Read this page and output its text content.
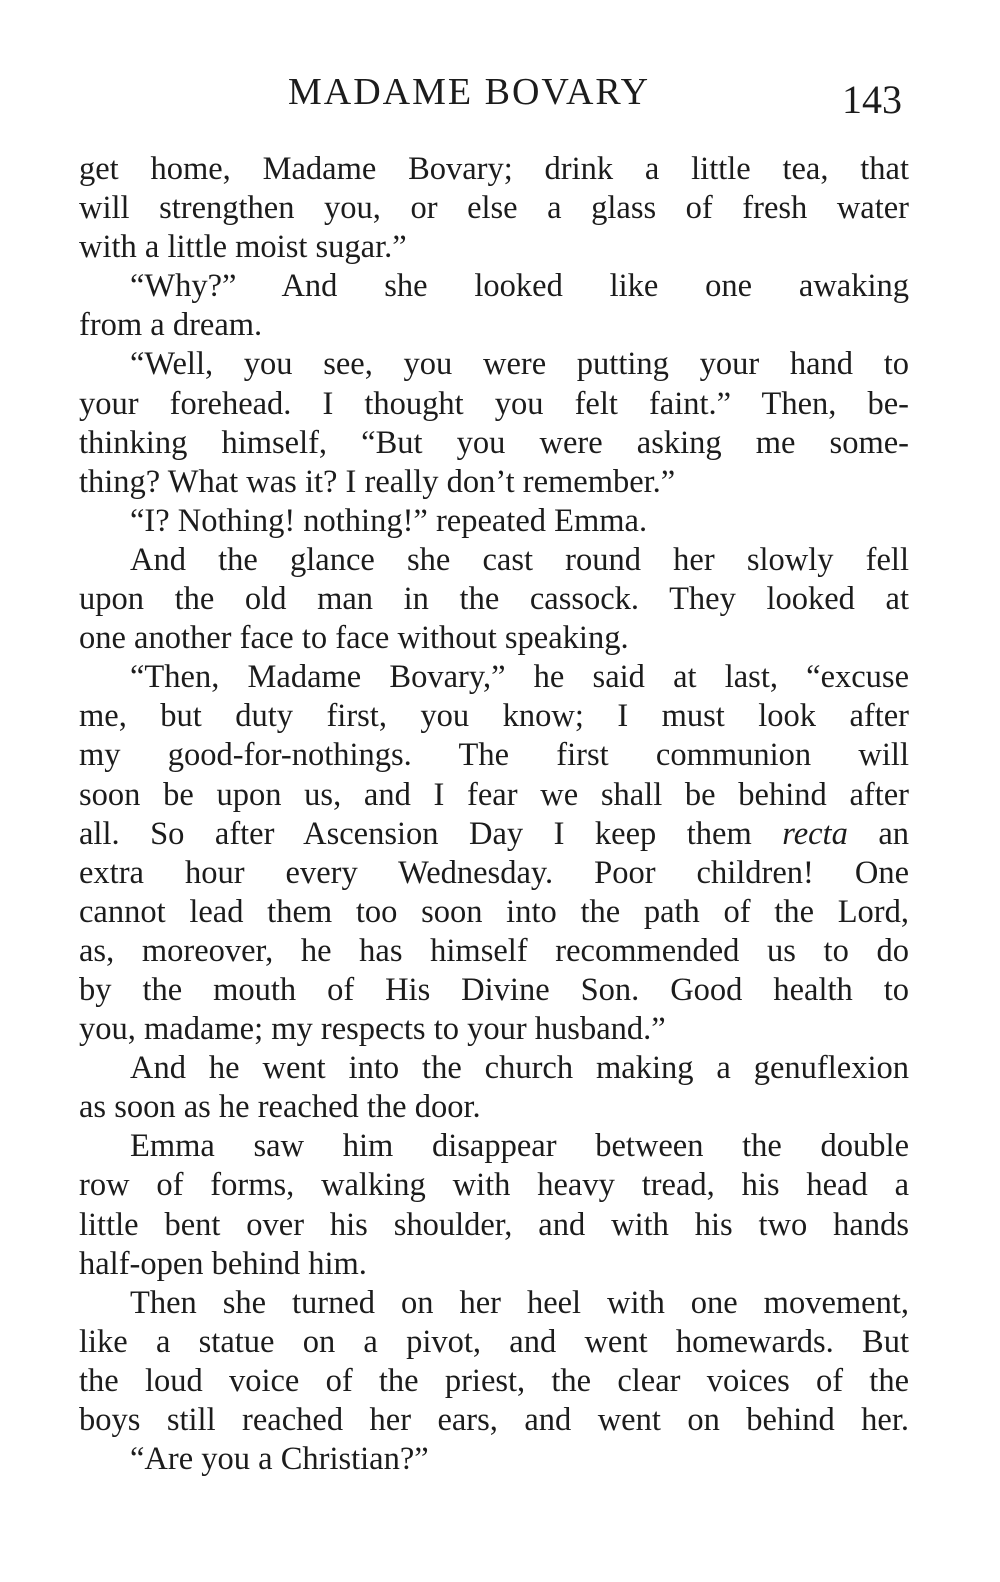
MADAME BOVARY	143
get home, Madame Bovary; drink a little tea, that
will strengthen you, or else a glass of fresh water
with a little moist sugar.”
“Why?” And she looked like one awaking
from a dream.
“Well, you see, you were putting your hand to
your forehead. I thought you felt faint.” Then, be-
thinking himself, “But you were asking me some-
thing? What was it? I really don’t remember.”
“I? Nothing! nothing!” repeated Emma.
And the glance she cast round her slowly fell
upon the old man in the cassock. They looked at
one another face to face without speaking.
“Then, Madame Bovary,” he said at last, “excuse
me, but duty first, you know; I must look after
my good-for-nothings. The first communion will
soon be upon us, and I fear we shall be behind after
all. So after Ascension Day I keep them recta an
extra hour every Wednesday. Poor children! One
cannot lead them too soon into the path of the Lord,
as, moreover, he has himself recommended us to do
by the mouth of His Divine Son. Good health to
you, madame; my respects to your husband.”
And he went into the church making a genuflexion
as soon as he reached the door.
Emma saw him disappear between the double
row of forms, walking with heavy tread, his head a
little bent over his shoulder, and with his two hands
half-open behind him.
Then she turned on her heel with one movement,
like a statue on a pivot, and went homewards. But
the loud voice of the priest, the clear voices of the
boys still reached her ears, and went on behind her.
“Are you a Christian?”
